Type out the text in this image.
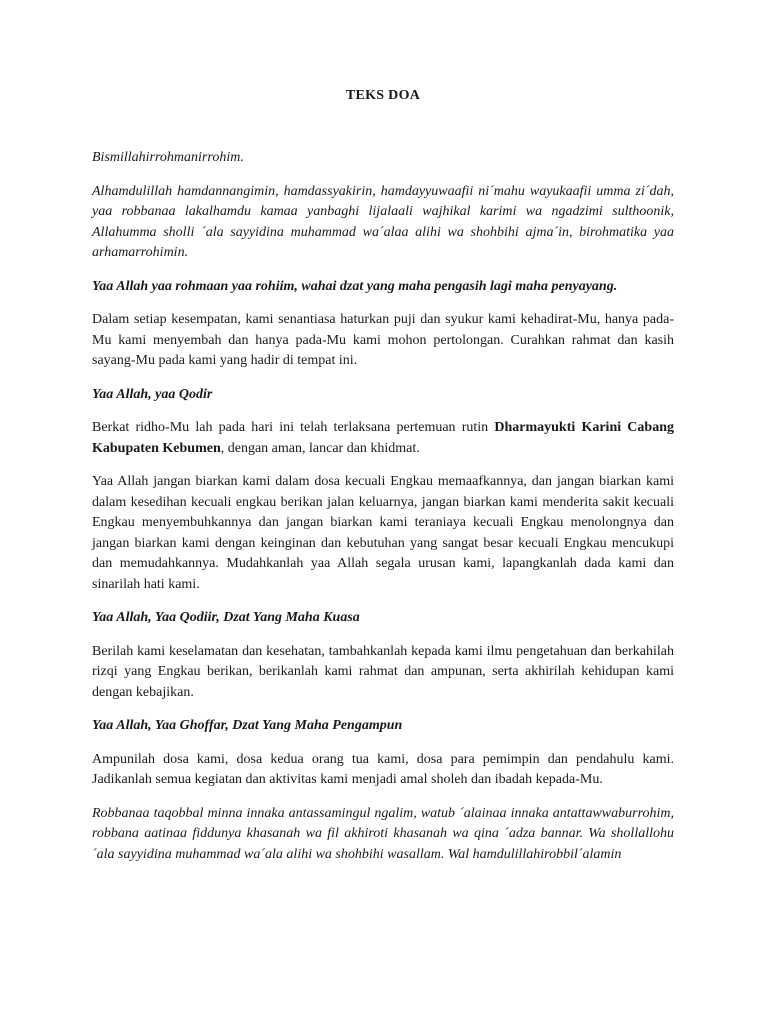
TEKS DOA

Bismillahirrohmanirrohim.

Alhamdulillah hamdannangimin, hamdassyakirin, hamdayyuwaafii ni´mahu wayukaafii umma zi´dah, yaa robbanaa lakalhamdu kamaa yanbaghi lijalaali wajhikal karimi wa ngadzimi sulthoonik, Allahumma sholli ´ala sayyidina muhammad wa´alaa alihi wa shohbihi ajma´in, birohmatika yaa arhamarrohimin.

Yaa Allah yaa rohmaan yaa rohiim, wahai dzat yang maha pengasih lagi maha penyayang.

Dalam setiap kesempatan, kami senantiasa haturkan puji dan syukur kami kehadirat-Mu, hanya pada-Mu kami menyembah dan hanya pada-Mu kami mohon pertolongan. Curahkan rahmat dan kasih sayang-Mu pada kami yang hadir di tempat ini.

Yaa Allah, yaa Qodir

Berkat ridho-Mu lah pada hari ini telah terlaksana pertemuan rutin Dharmayukti Karini Cabang Kabupaten Kebumen, dengan aman, lancar dan khidmat.

Yaa Allah jangan biarkan kami dalam dosa kecuali Engkau memaafkannya, dan jangan biarkan kami dalam kesedihan kecuali engkau berikan jalan keluarnya, jangan biarkan kami menderita sakit kecuali Engkau menyembuhkannya dan jangan biarkan kami teraniaya kecuali Engkau menolongnya dan jangan biarkan kami dengan keinginan dan kebutuhan yang sangat besar kecuali Engkau mencukupi dan memudahkannya. Mudahkanlah yaa Allah segala urusan kami, lapangkanlah dada kami dan sinarilah hati kami.

Yaa Allah, Yaa Qodiir, Dzat Yang Maha Kuasa

Berilah kami keselamatan dan kesehatan, tambahkanlah kepada kami ilmu pengetahuan dan berkahilah rizqi yang Engkau berikan, berikanlah kami rahmat dan ampunan, serta akhirilah kehidupan kami dengan kebajikan.

Yaa Allah, Yaa Ghoffar, Dzat Yang Maha Pengampun

Ampunilah dosa kami, dosa kedua orang tua kami, dosa para pemimpin dan pendahulu kami. Jadikanlah semua kegiatan dan aktivitas kami menjadi amal sholeh dan ibadah kepada-Mu.

Robbanaa taqobbal minna innaka antassamingul ngalim, watub ´alainaa innaka antattawwaburrohim, robbana aatinaa fiddunya khasanah wa fil akhiroti khasanah wa qina ´adza bannar. Wa shollallohu ´ala sayyidina muhammad wa´ala alihi wa shohbihi wasallam. Wal hamdulillahirobbil´alamin
